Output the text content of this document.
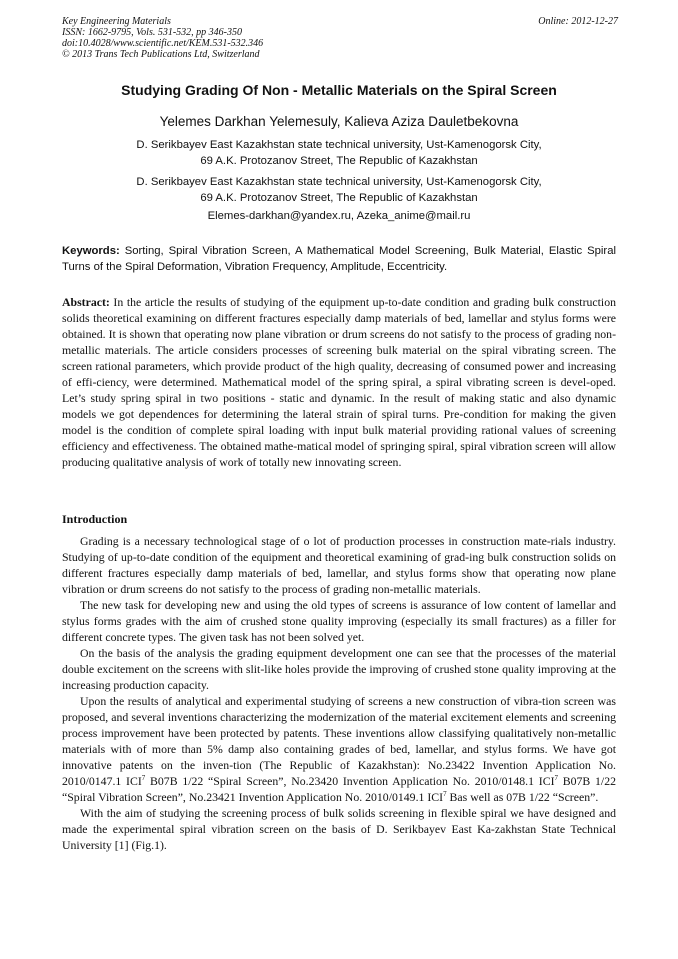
Key Engineering Materials
ISSN: 1662-9795, Vols. 531-532, pp 346-350
doi:10.4028/www.scientific.net/KEM.531-532.346
© 2013 Trans Tech Publications Ltd, Switzerland
Online: 2012-12-27
Studying Grading Of Non - Metallic Materials on the Spiral Screen
Yelemes Darkhan Yelemesuly, Kalieva Aziza Dauletbekovna
D. Serikbayev East Kazakhstan state technical university, Ust-Kamenogorsk City,
69 A.K. Protozanov Street, The Republic of Kazakhstan
D. Serikbayev East Kazakhstan state technical university, Ust-Kamenogorsk City,
69 A.K. Protozanov Street, The Republic of Kazakhstan
Elemes-darkhan@yandex.ru, Azeka_anime@mail.ru
Keywords: Sorting, Spiral Vibration Screen, A Mathematical Model Screening, Bulk Material, Elastic Spiral Turns of the Spiral Deformation, Vibration Frequency, Amplitude, Eccentricity.
Abstract: In the article the results of studying of the equipment up-to-date condition and grading bulk construction solids theoretical examining on different fractures especially damp materials of bed, lamellar and stylus forms were obtained. It is shown that operating now plane vibration or drum screens do not satisfy to the process of grading non-metallic materials. The article considers processes of screening bulk material on the spiral vibrating screen. The screen rational parameters, which provide product of the high quality, decreasing of consumed power and increasing of effi-ciency, were determined. Mathematical model of the spring spiral, a spiral vibrating screen is devel-oped. Let’s study spring spiral in two positions - static and dynamic. In the result of making static and also dynamic models we got dependences for determining the lateral strain of spiral turns. Pre-condition for making the given model is the condition of complete spiral loading with input bulk material providing rational values of screening efficiency and effectiveness. The obtained mathe-matical model of springing spiral, spiral vibration screen will allow producing qualitative analysis of work of totally new innovating screen.
Introduction

Grading is a necessary technological stage of o lot of production processes in construction mate-rials industry. Studying of up-to-date condition of the equipment and theoretical examining of grad-ing bulk construction solids on different fractures especially damp materials of bed, lamellar, and stylus forms show that operating now plane vibration or drum screens do not satisfy to the process of grading non-metallic materials.

The new task for developing new and using the old types of screens is assurance of low content of lamellar and stylus forms grades with the aim of crushed stone quality improving (especially its small fractures) as a filler for different concrete types. The given task has not been solved yet.

On the basis of the analysis the grading equipment development one can see that the processes of the material double excitement on the screens with slit-like holes provide the improving of crushed stone quality improving at the increasing production capacity.

Upon the results of analytical and experimental studying of screens a new construction of vibra-tion screen was proposed, and several inventions characterizing the modernization of the material excitement elements and screening process improvement have been protected by patents. These inventions allow classifying qualitatively non-metallic materials with of more than 5% damp also containing grades of bed, lamellar, and stylus forms. We have got innovative patents on the inven-tion (The Republic of Kazakhstan): No.23422 Invention Application No. 2010/0147.1 ICI$^7$ B07B 1/22 “Spiral Screen”, No.23420 Invention Application No. 2010/0148.1 ICI$^7$ B07B 1/22 “Spiral Vibration Screen”, No.23421 Invention Application No. 2010/0149.1 ICI$^7$ Bas well as 07B 1/22 “Screen”.

With the aim of studying the screening process of bulk solids screening in flexible spiral we have designed and made the experimental spiral vibration screen on the basis of D. Serikbayev East Ka-zakhstan State Technical University [1] (Fig.1).
